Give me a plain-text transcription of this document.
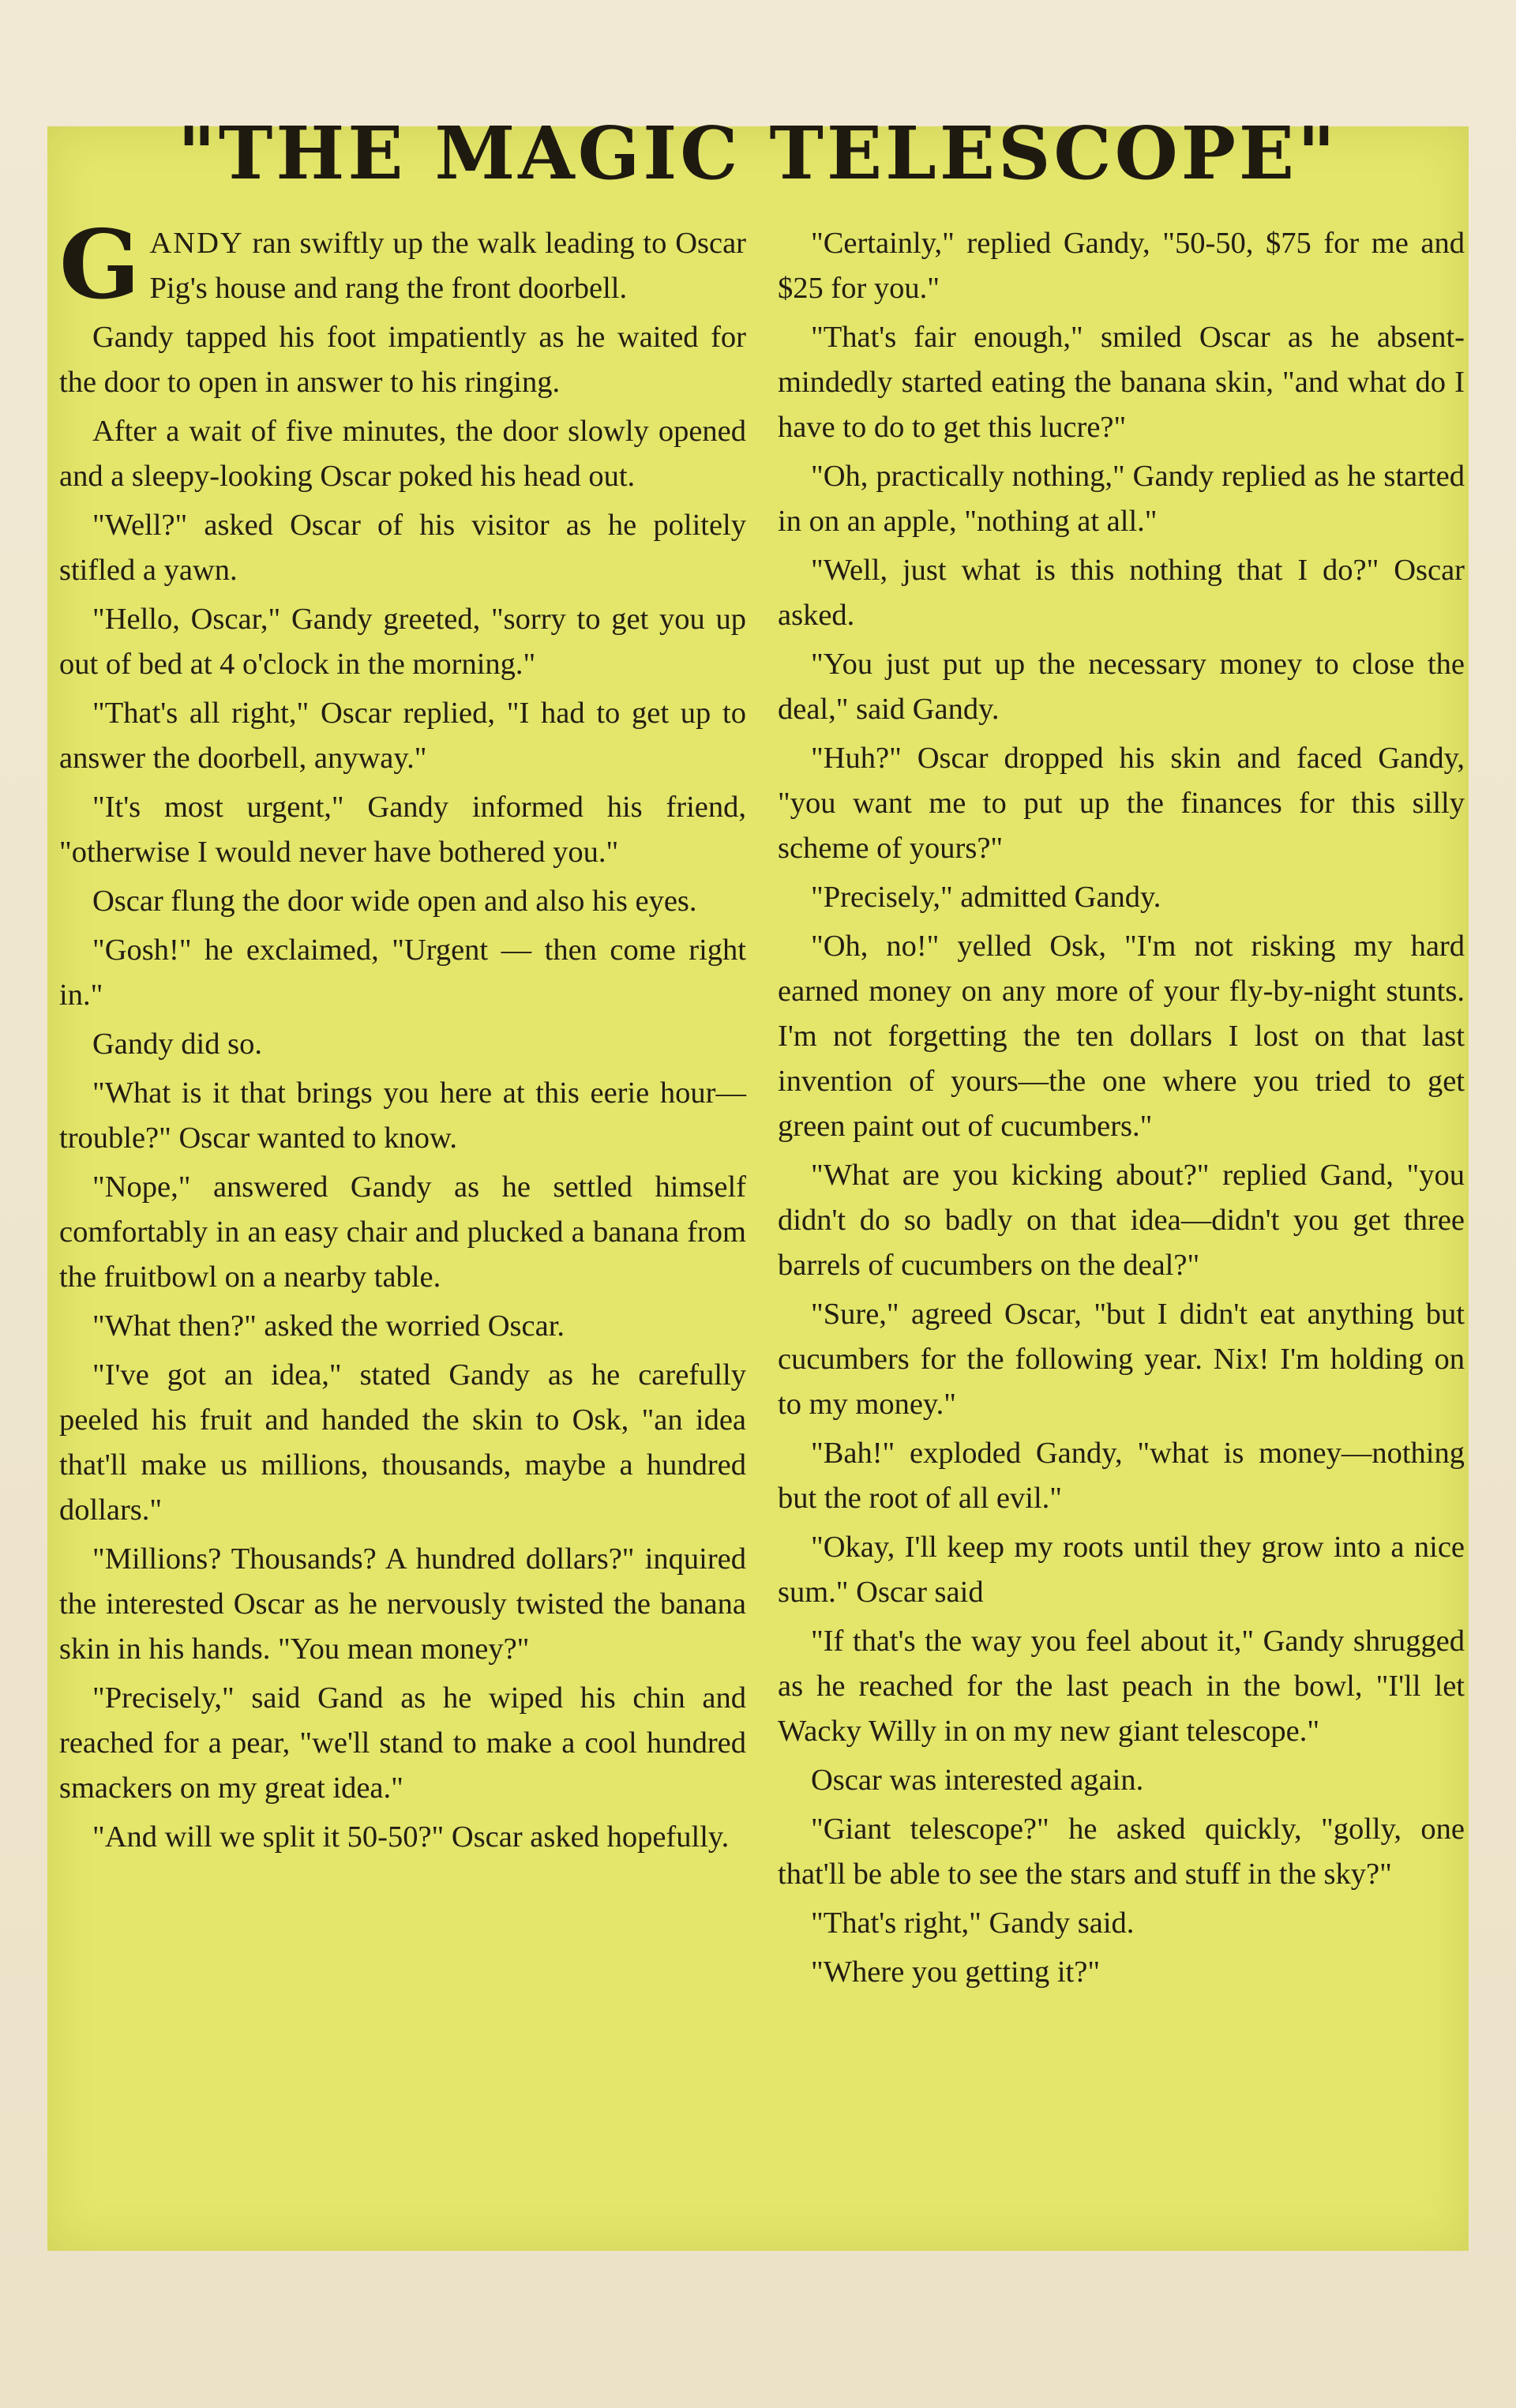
"THE MAGIC TELESCOPE"

GANDY ran swiftly up the walk leading to Oscar Pig's house and rang the front doorbell.

Gandy tapped his foot impatiently as he waited for the door to open in answer to his ringing.

After a wait of five minutes, the door slowly opened and a sleepy-looking Oscar poked his head out.

"Well?" asked Oscar of his visitor as he politely stifled a yawn.

"Hello, Oscar," Gandy greeted, "sorry to get you up out of bed at 4 o'clock in the morning."

"That's all right," Oscar replied, "I had to get up to answer the doorbell, anyway."

"It's most urgent," Gandy informed his friend, "otherwise I would never have bothered you."

Oscar flung the door wide open and also his eyes.

"Gosh!" he exclaimed, "Urgent — then come right in."

Gandy did so.

"What is it that brings you here at this eerie hour—trouble?" Oscar wanted to know.

"Nope," answered Gandy as he settled himself comfortably in an easy chair and plucked a banana from the fruitbowl on a nearby table.

"What then?" asked the worried Oscar.

"I've got an idea," stated Gandy as he carefully peeled his fruit and handed the skin to Osk, "an idea that'll make us millions, thousands, maybe a hundred dollars."

"Millions? Thousands? A hundred dollars?" inquired the interested Oscar as he nervously twisted the banana skin in his hands. "You mean money?"

"Precisely," said Gand as he wiped his chin and reached for a pear, "we'll stand to make a cool hundred smackers on my great idea."

"And will we split it 50-50?" Oscar asked hopefully.

"Certainly," replied Gandy, "50-50, $75 for me and $25 for you."

"That's fair enough," smiled Oscar as he absent-mindedly started eating the banana skin, "and what do I have to do to get this lucre?"

"Oh, practically nothing," Gandy replied as he started in on an apple, "nothing at all."

"Well, just what is this nothing that I do?" Oscar asked.

"You just put up the necessary money to close the deal," said Gandy.

"Huh?" Oscar dropped his skin and faced Gandy, "you want me to put up the finances for this silly scheme of yours?"

"Precisely," admitted Gandy.

"Oh, no!" yelled Osk, "I'm not risking my hard earned money on any more of your fly-by-night stunts. I'm not forgetting the ten dollars I lost on that last invention of yours—the one where you tried to get green paint out of cucumbers."

"What are you kicking about?" replied Gand, "you didn't do so badly on that idea—didn't you get three barrels of cucumbers on the deal?"

"Sure," agreed Oscar, "but I didn't eat anything but cucumbers for the following year. Nix! I'm holding on to my money."

"Bah!" exploded Gandy, "what is money—nothing but the root of all evil."

"Okay, I'll keep my roots until they grow into a nice sum." Oscar said

"If that's the way you feel about it," Gandy shrugged as he reached for the last peach in the bowl, "I'll let Wacky Willy in on my new giant telescope."

Oscar was interested again.

"Giant telescope?" he asked quickly, "golly, one that'll be able to see the stars and stuff in the sky?"

"That's right," Gandy said.

"Where you getting it?"
